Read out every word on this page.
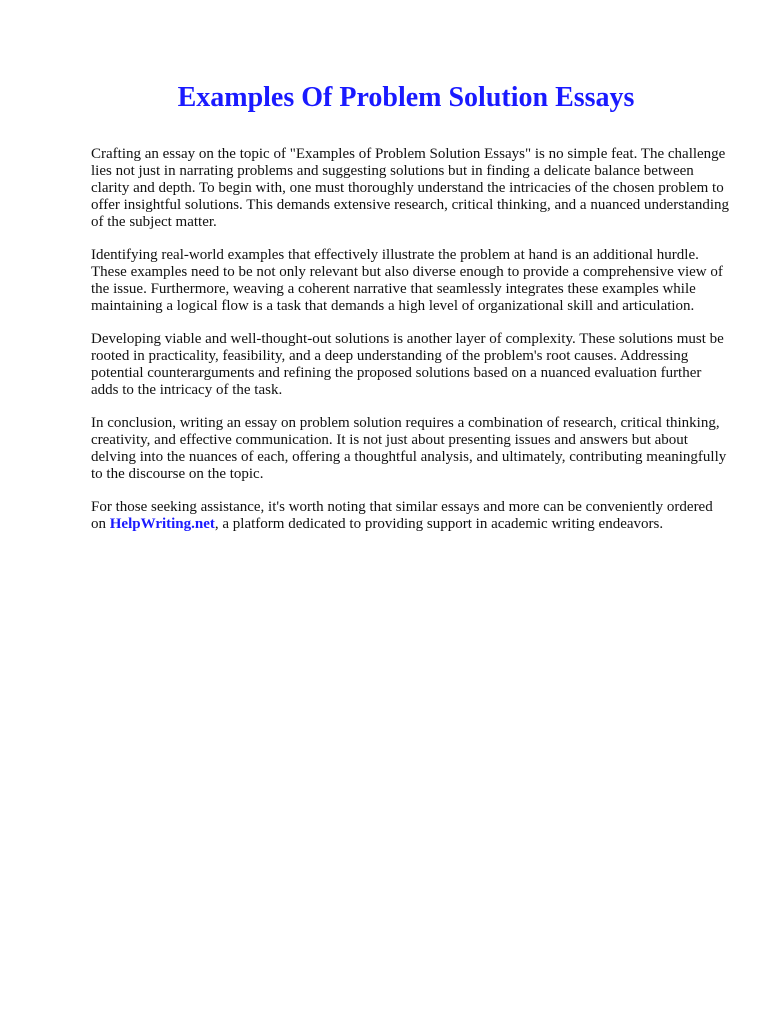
Examples Of Problem Solution Essays

Crafting an essay on the topic of "Examples of Problem Solution Essays" is no simple feat. The challenge lies not just in narrating problems and suggesting solutions but in finding a delicate balance between clarity and depth. To begin with, one must thoroughly understand the intricacies of the chosen problem to offer insightful solutions. This demands extensive research, critical thinking, and a nuanced understanding of the subject matter.

Identifying real-world examples that effectively illustrate the problem at hand is an additional hurdle. These examples need to be not only relevant but also diverse enough to provide a comprehensive view of the issue. Furthermore, weaving a coherent narrative that seamlessly integrates these examples while maintaining a logical flow is a task that demands a high level of organizational skill and articulation.

Developing viable and well-thought-out solutions is another layer of complexity. These solutions must be rooted in practicality, feasibility, and a deep understanding of the problem's root causes. Addressing potential counterarguments and refining the proposed solutions based on a nuanced evaluation further adds to the intricacy of the task.

In conclusion, writing an essay on problem solution requires a combination of research, critical thinking, creativity, and effective communication. It is not just about presenting issues and answers but about delving into the nuances of each, offering a thoughtful analysis, and ultimately, contributing meaningfully to the discourse on the topic.

For those seeking assistance, it's worth noting that similar essays and more can be conveniently ordered on HelpWriting.net, a platform dedicated to providing support in academic writing endeavors.
